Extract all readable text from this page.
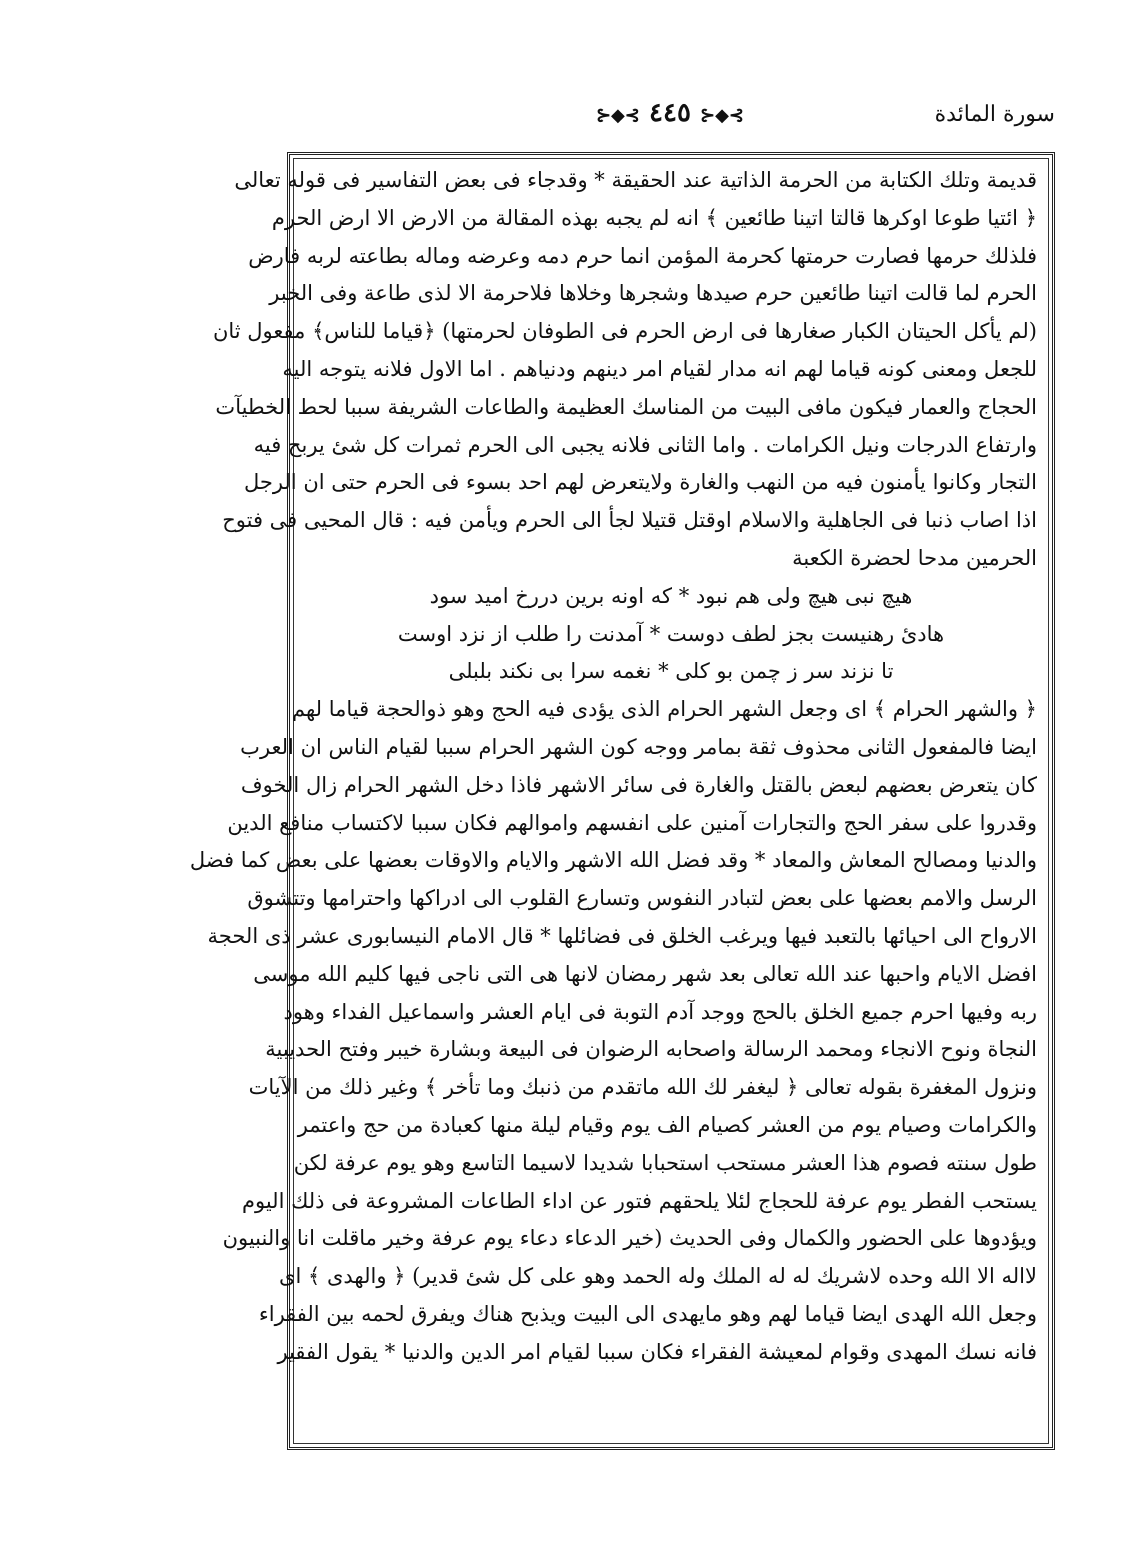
سورة المائدة
⊱◆⊰ ٤٤٥ ⊱◆⊰
قديمة وتلك الكتابة من الحرمة الذاتية عند الحقيقة * وقدجاء فى بعض التفاسير فى قوله تعالى
﴿ ائتيا طوعا اوكرها قالتا اتينا طائعين ﴾ انه لم يجبه بهذه المقالة من الارض الا ارض الحرم
فلذلك حرمها فصارت حرمتها كحرمة المؤمن انما حرم دمه وعرضه وماله بطاعته لربه فارض
الحرم لما قالت اتينا طائعين حرم صيدها وشجرها وخلاها فلاحرمة الا لذى طاعة وفى الخبر
(لم يأكل الحيتان الكبار صغارها فى ارض الحرم فى الطوفان لحرمتها) ﴿قياما للناس﴾ مفعول ثان
للجعل ومعنى كونه قياما لهم انه مدار لقيام امر دينهم ودنياهم . اما الاول فلانه يتوجه اليه
الحجاج والعمار فيكون مافى البيت من المناسك العظيمة والطاعات الشريفة سببا لحط الخطيآت
وارتفاع الدرجات ونيل الكرامات . واما الثانى فلانه يجبى الى الحرم ثمرات كل شئ يربح فيه
التجار وكانوا يأمنون فيه من النهب والغارة ولايتعرض لهم احد بسوء فى الحرم حتى ان الرجل
اذا اصاب ذنبا فى الجاهلية والاسلام اوقتل قتيلا لجأ الى الحرم ويأمن فيه : قال المحيى فى فتوح
الحرمين مدحا لحضرة الكعبة
هيچ نبى هيچ ولى هم نبود * كه اونه برين دررخ اميد سود
هادئ رهنيست بجز لطف دوست * آمدنت را طلب از نزد اوست
تا نزند سر ز چمن بو كلى * نغمه سرا بى نكند بلبلى
﴿ والشهر الحرام ﴾ اى وجعل الشهر الحرام الذى يؤدى فيه الحج وهو ذوالحجة قياما لهم
ايضا فالمفعول الثانى محذوف ثقة بمامر ووجه كون الشهر الحرام سببا لقيام الناس ان العرب
كان يتعرض بعضهم لبعض بالقتل والغارة فى سائر الاشهر فاذا دخل الشهر الحرام زال الخوف
وقدروا على سفر الحج والتجارات آمنين على انفسهم واموالهم فكان سببا لاكتساب منافع الدين
والدنيا ومصالح المعاش والمعاد * وقد فضل الله الاشهر والايام والاوقات بعضها على بعض كما فضل
الرسل والامم بعضها على بعض لتبادر النفوس وتسارع القلوب الى ادراكها واحترامها وتتشوق
الارواح الى احيائها بالتعبد فيها ويرغب الخلق فى فضائلها * قال الامام النيسابورى عشر ذى الحجة
افضل الايام واحبها عند الله تعالى بعد شهر رمضان لانها هى التى ناجى فيها كليم الله موسى
ربه وفيها احرم جميع الخلق بالحج ووجد آدم التوبة فى ايام العشر واسماعيل الفداء وهود
النجاة ونوح الانجاء ومحمد الرسالة واصحابه الرضوان فى البيعة وبشارة خيبر وفتح الحديبية
ونزول المغفرة بقوله تعالى ﴿ ليغفر لك الله ماتقدم من ذنبك وما تأخر ﴾ وغير ذلك من الآيات
والكرامات وصيام يوم من العشر كصيام الف يوم وقيام ليلة منها كعبادة من حج واعتمر
طول سنته فصوم هذا العشر مستحب استحبابا شديدا لاسيما التاسع وهو يوم عرفة لكن
يستحب الفطر يوم عرفة للحجاج لئلا يلحقهم فتور عن اداء الطاعات المشروعة فى ذلك اليوم
ويؤدوها على الحضور والكمال وفى الحديث (خير الدعاء دعاء يوم عرفة وخير ماقلت انا والنبيون
لااله الا الله وحده لاشريك له له الملك وله الحمد وهو على كل شئ قدير) ﴿ والهدى ﴾ اى
وجعل الله الهدى ايضا قياما لهم وهو مايهدى الى البيت ويذبح هناك ويفرق لحمه بين الفقراء
فانه نسك المهدى وقوام لمعيشة الفقراء فكان سببا لقيام امر الدين والدنيا * يقول الفقير
